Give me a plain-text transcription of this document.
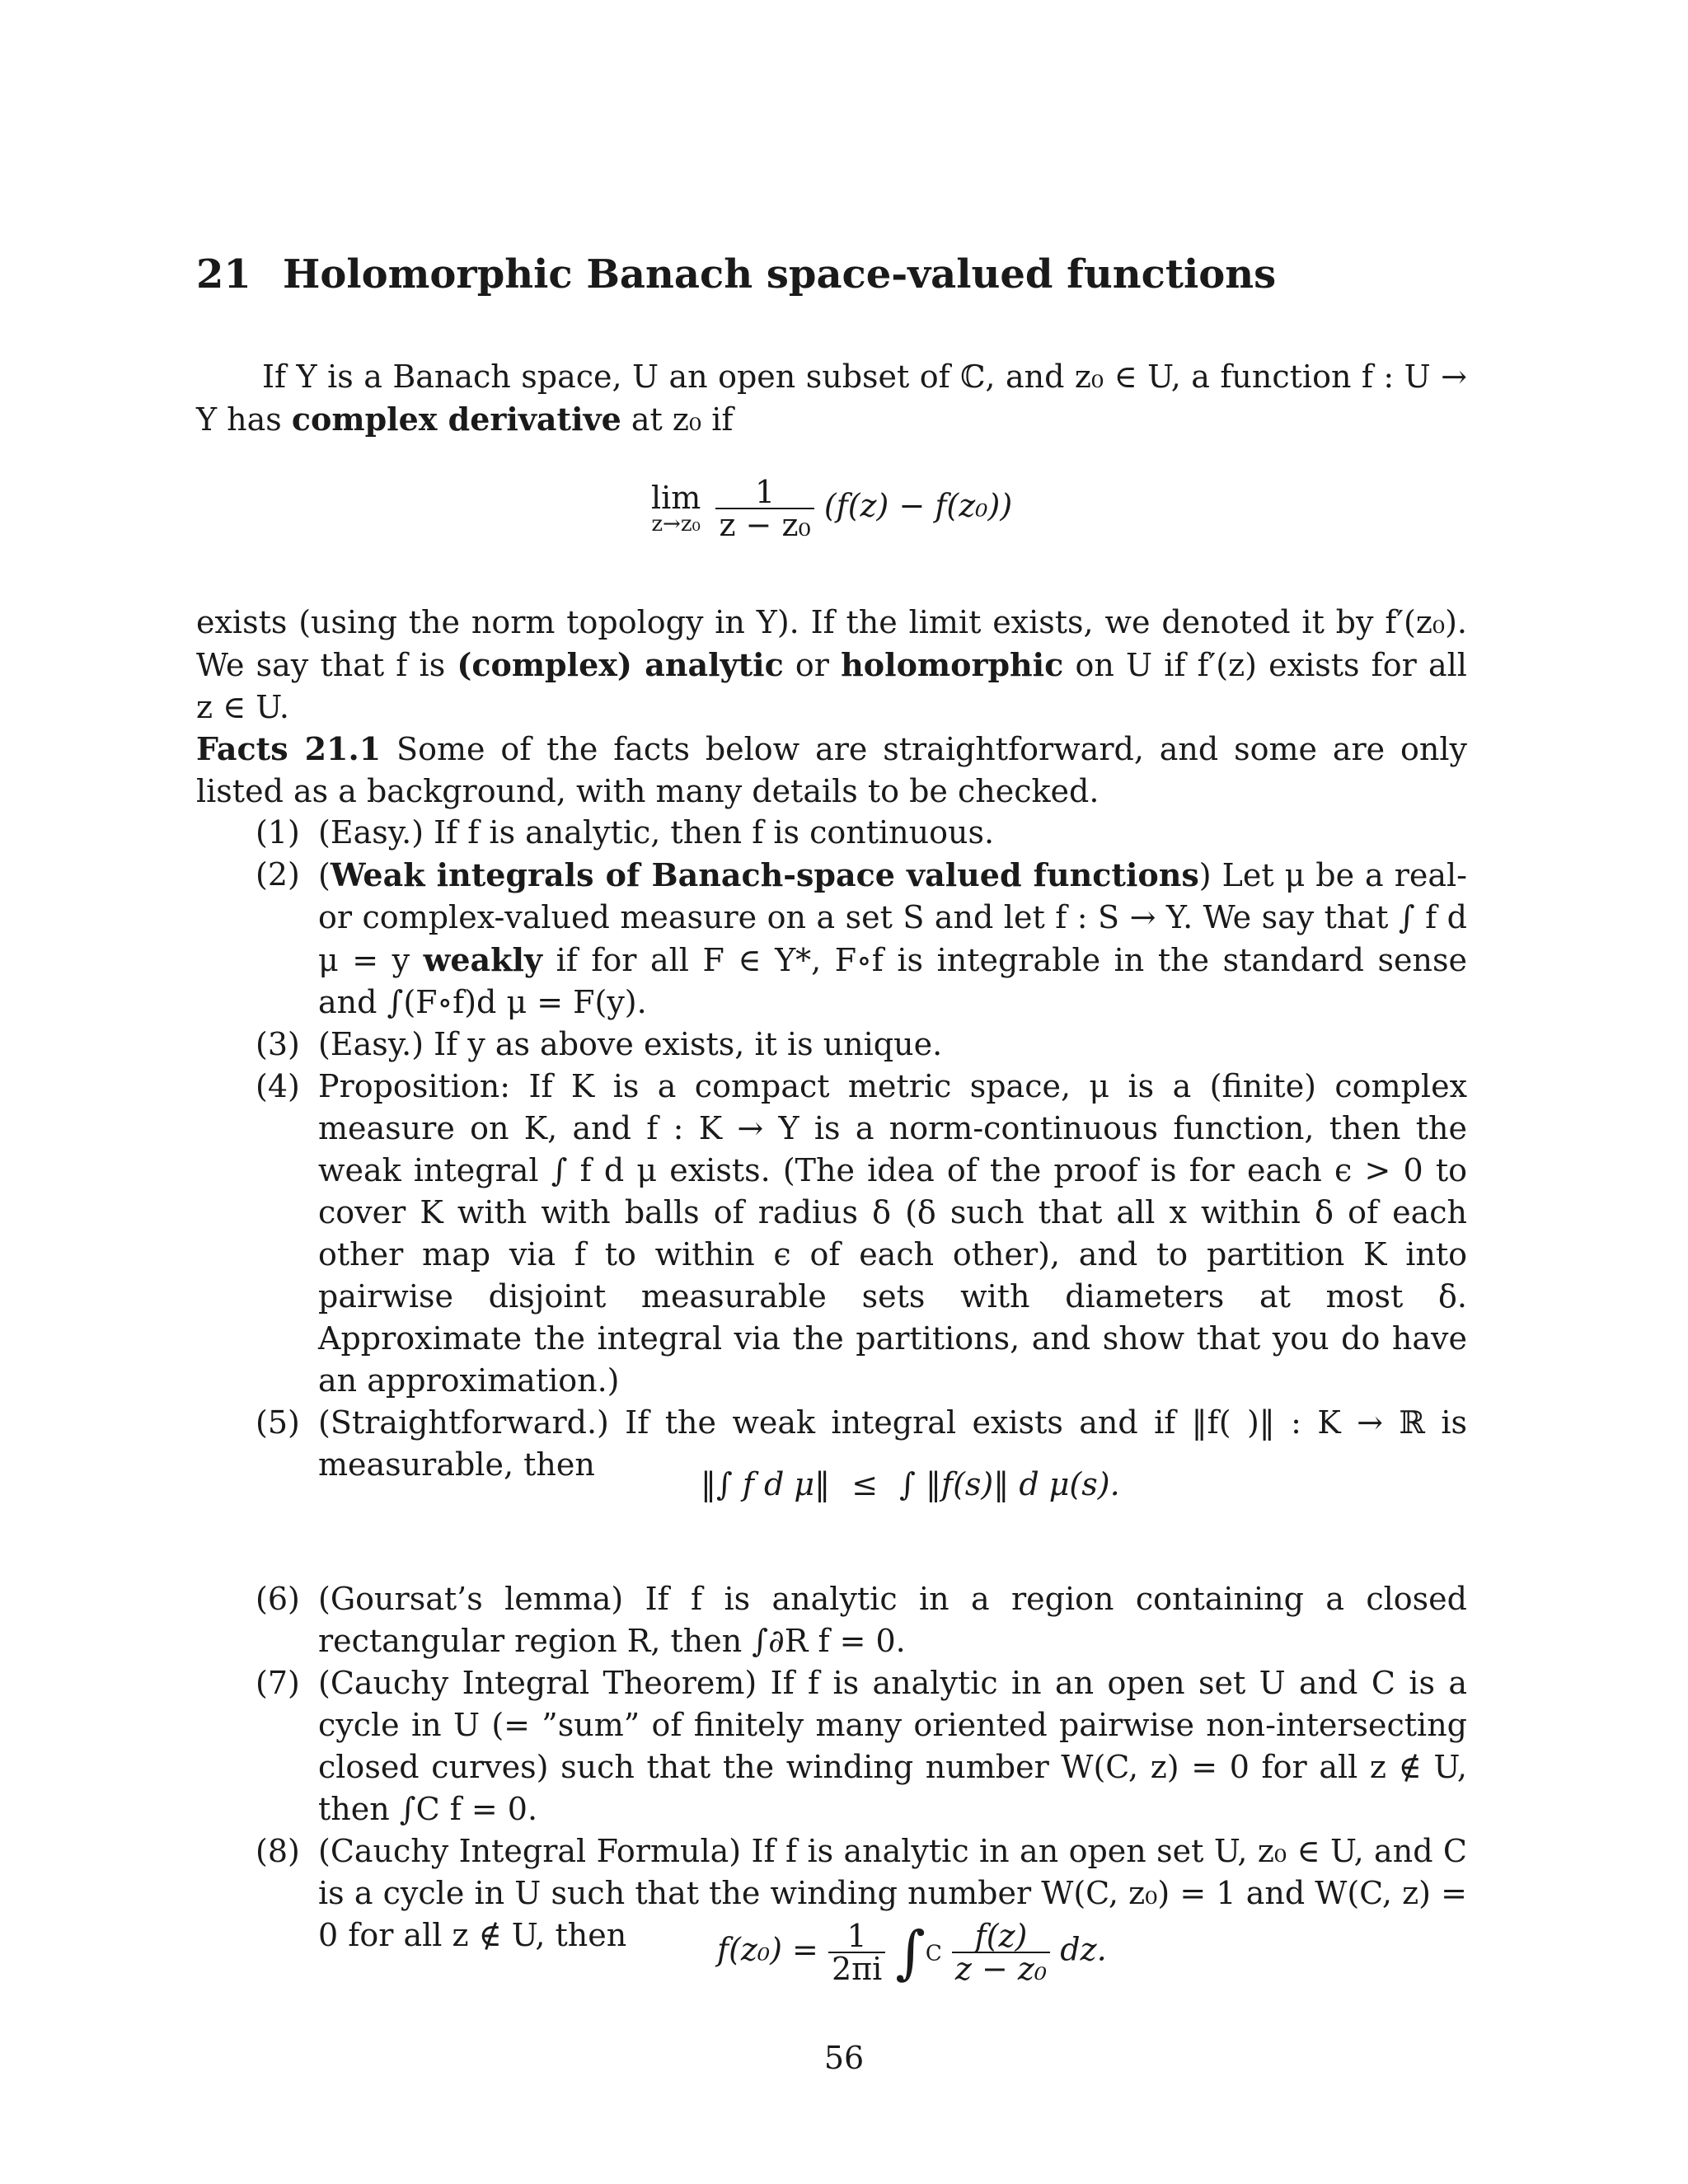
21 Holomorphic Banach space-valued functions
If Y is a Banach space, U an open subset of ℂ, and z₀ ∈ U, a function f : U → Y has complex derivative at z₀ if
lim
z→z₀
$\frac{1}{\text{z − z₀}} (f(z) - f(z_0))$
exists (using the norm topology in Y). If the limit exists, we denoted it by f′(z₀). We say that f is (complex) analytic or holomorphic on U if f′(z) exists for all z ∈ U.
Facts 21.1 Some of the facts below are straightforward, and some are only listed as a background, with many details to be checked.
(1) (Easy.) If f is analytic, then f is continuous.
(2) (Weak integrals of Banach-space valued functions) Let μ be a real- or complex-valued measure on a set S and let f : S → Y. We say that ∫ f d μ = y weakly if for all F ∈ Y*, F∘f is integrable in the standard sense and ∫(F∘f)d μ = F(y).
(3) (Easy.) If y as above exists, it is unique.
(4) Proposition: If K is a compact metric space, μ is a (finite) complex measure on K, and f : K → Y is a norm-continuous function, then the weak integral ∫ f d μ exists. (The idea of the proof is for each ϵ > 0 to cover K with with balls of radius δ (δ such that all x within δ of each other map via f to within ϵ of each other), and to partition K into pairwise disjoint measurable sets with diameters at most δ. Approximate the integral via the partitions, and show that you do have an approximation.)
(5) (Straightforward.) If the weak integral exists and if ‖f( )‖ : K → ℝ is measurable, then
‖∫ f d μ‖ ≤ ∫ ‖f(s)‖ d μ(s).
(6) (Goursat’s lemma) If f is analytic in a region containing a closed rectangular region R, then ∫∂R f = 0.
(7) (Cauchy Integral Theorem) If f is analytic in an open set U and C is a cycle in U (= ”sum” of finitely many oriented pairwise non-intersecting closed curves) such that the winding number W(C, z) = 0 for all z ∉ U, then ∫C f = 0.
(8) (Cauchy Integral Formula) If f is analytic in an open set U, z₀ ∈ U, and C is a cycle in U such that the winding number W(C, z₀) = 1 and W(C, z) = 0 for all z ∉ U, then	$f(z_0) = \frac{1}{2\pi i} \int C \frac{f(z)}{\text{z − z₀}}$ dz.
56
